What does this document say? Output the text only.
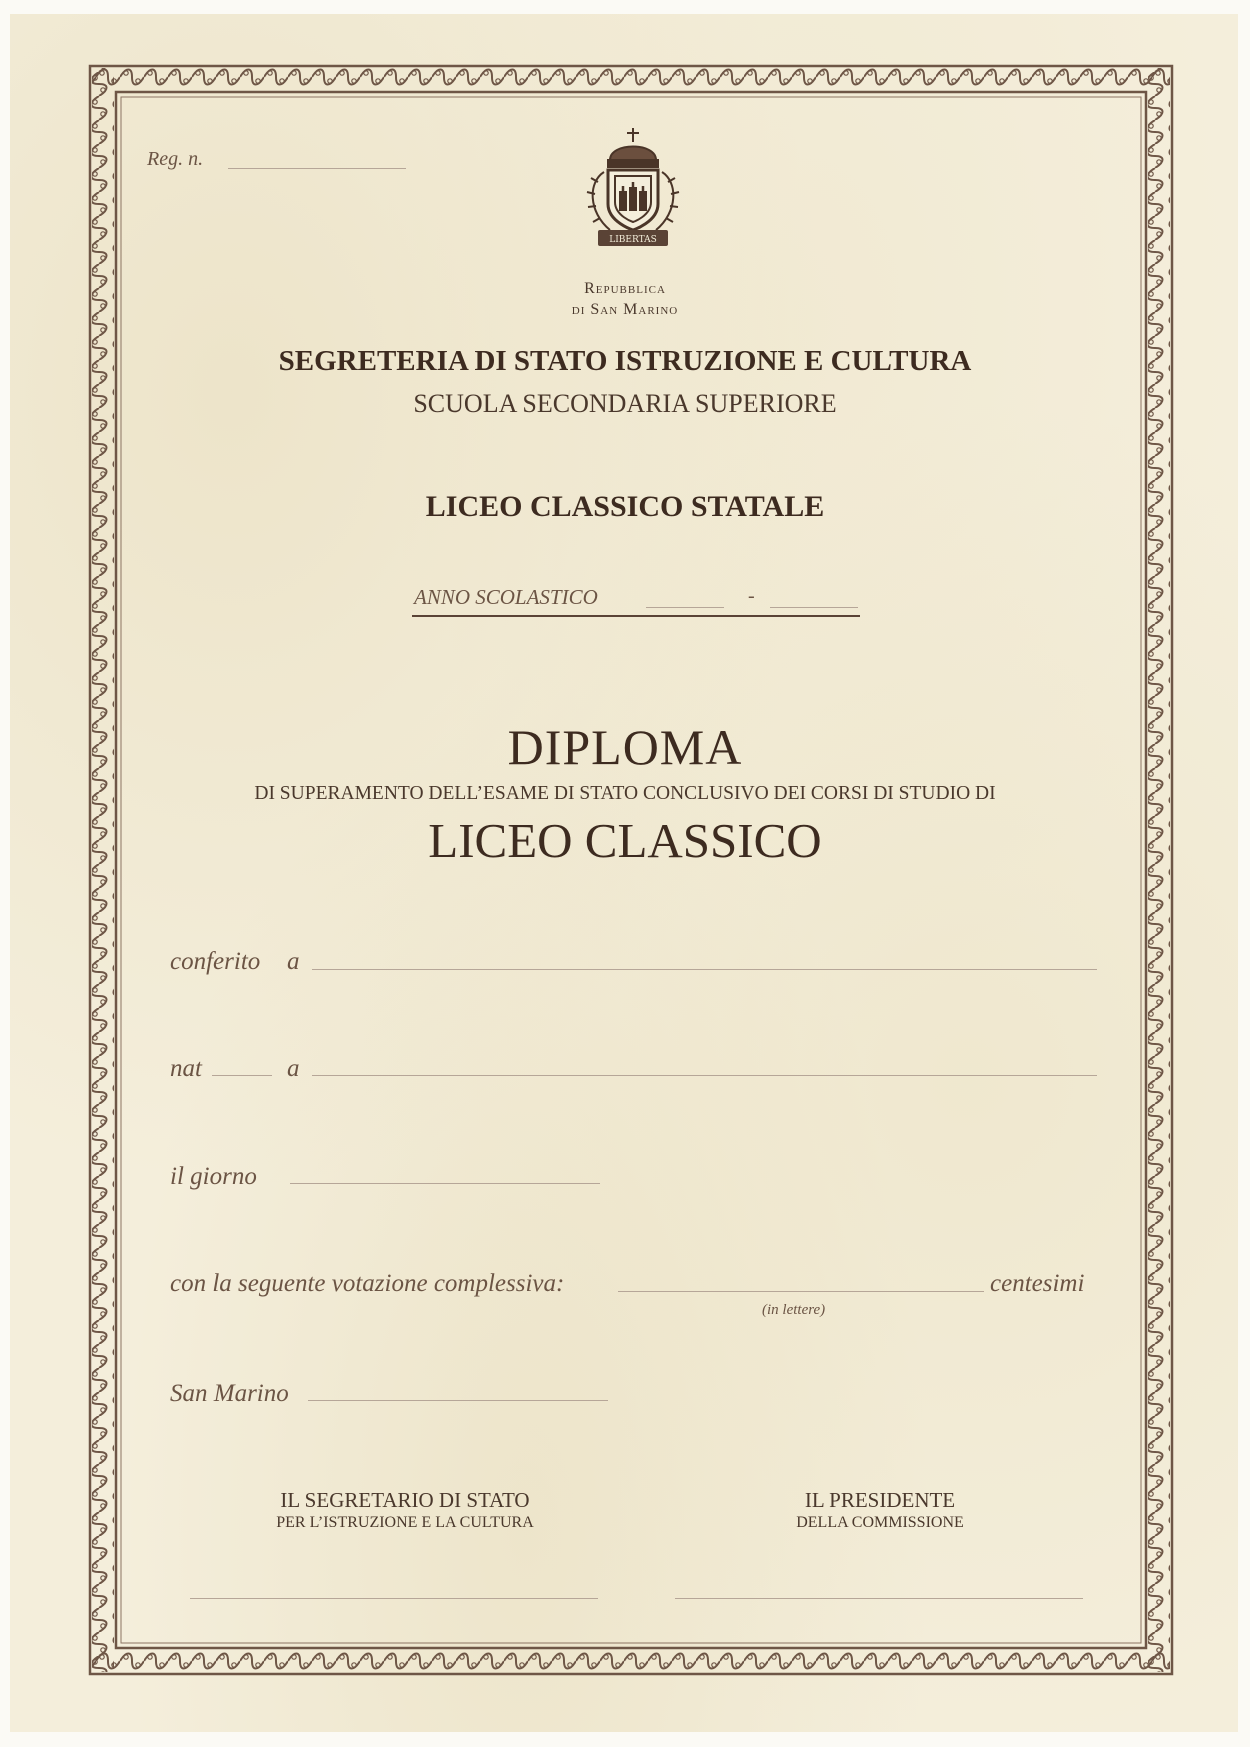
Reg. n.

LIBERTAS

Repubblica

di San Marino

SEGRETERIA DI STATO ISTRUZIONE E CULTURA

SCUOLA SECONDARIA SUPERIORE

LICEO CLASSICO STATALE

ANNO SCOLASTICO	-

DIPLOMA

DI SUPERAMENTO DELL’ESAME DI STATO CONCLUSIVO DEI CORSI DI STUDIO DI

LICEO CLASSICO

conferito a

nat	a

il giorno

con la seguente votazione complessiva:	centesimi

(in lettere)

San Marino

IL SEGRETARIO DI STATO

PER L’ISTRUZIONE E LA CULTURA

IL PRESIDENTE

DELLA COMMISSIONE
